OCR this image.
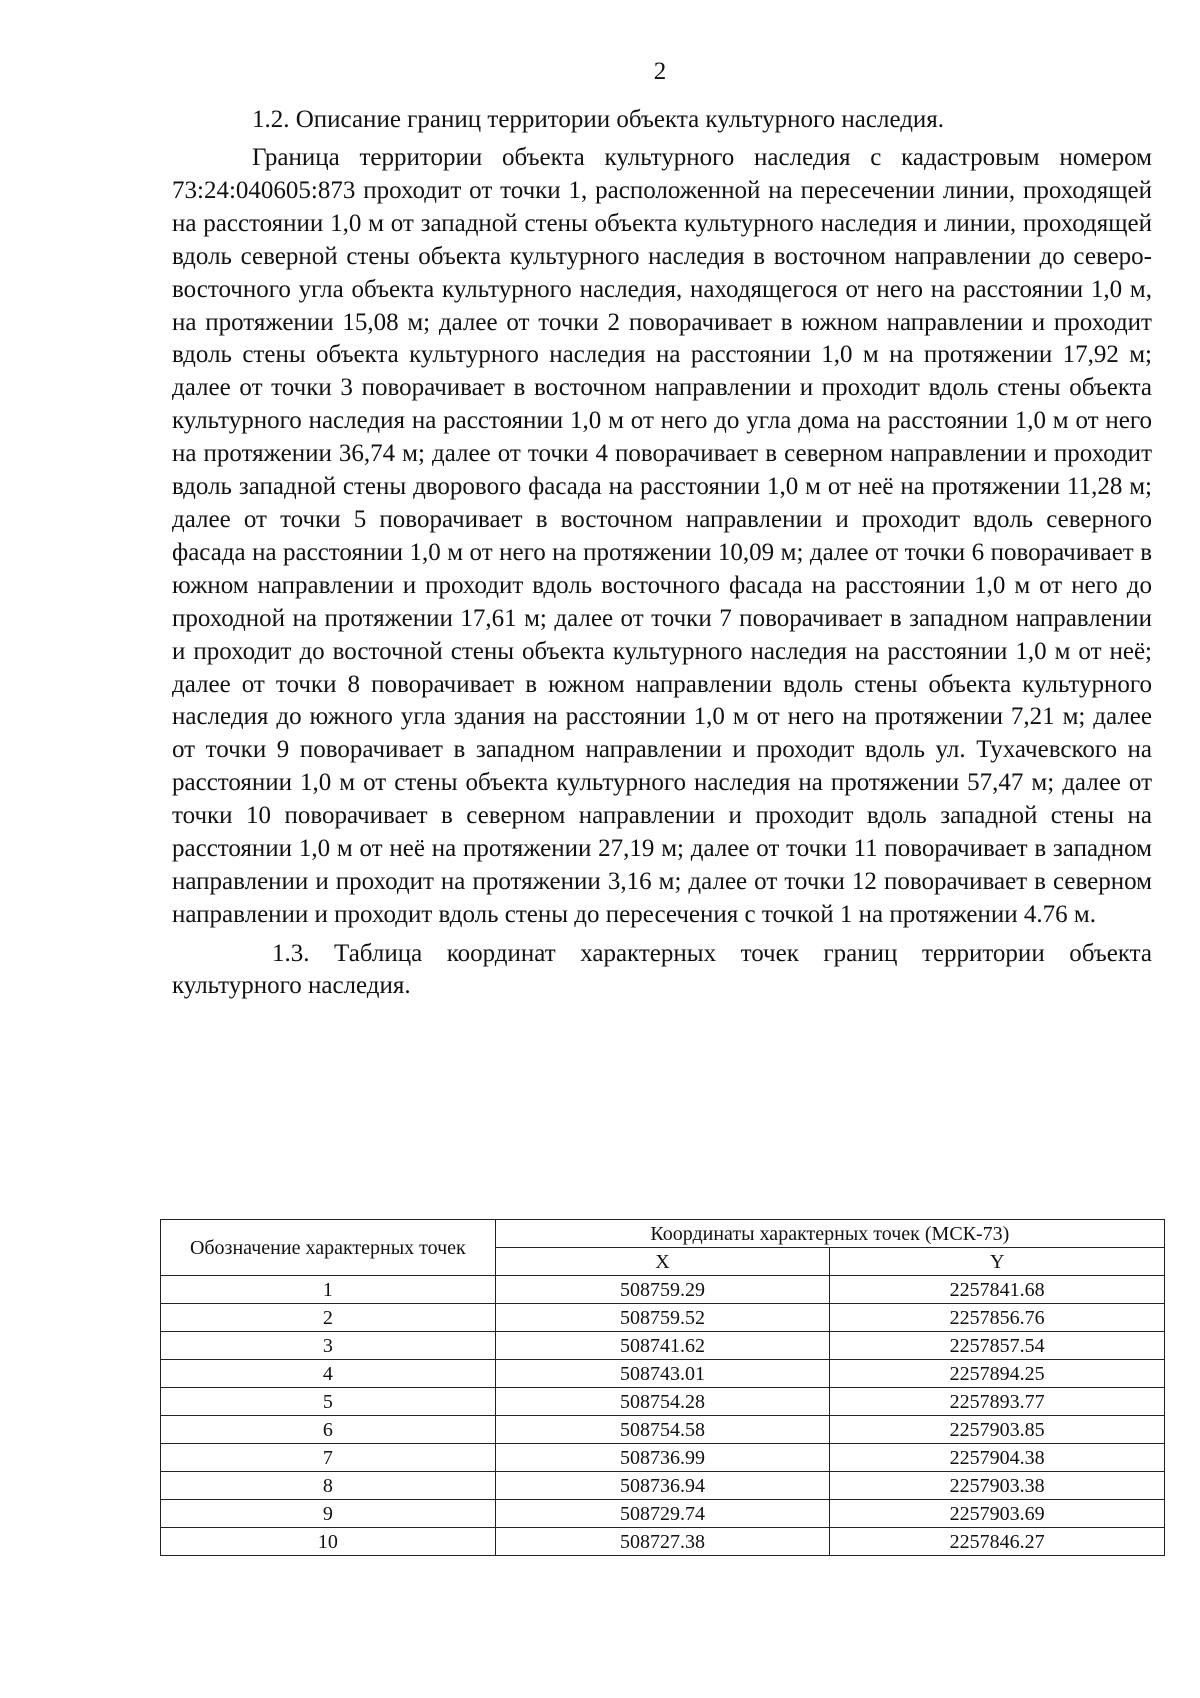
2

1.2. Описание границ территории объекта культурного наследия.

Граница территории объекта культурного наследия с кадастровым номером 73:24:040605:873 проходит от точки 1, расположенной на пересечении линии, проходящей на расстоянии 1,0 м от западной стены объекта культурного наследия и линии, проходящей вдоль северной стены объекта культурного наследия в восточном направлении до северо-восточного угла объекта культурного наследия, находящегося от него на расстоянии 1,0 м, на протяжении 15,08 м; далее от точки 2 поворачивает в южном направлении и проходит вдоль стены объекта культурного наследия на расстоянии 1,0 м на протяжении 17,92 м; далее от точки 3 поворачивает в восточном направлении и проходит вдоль стены объекта культурного наследия на расстоянии 1,0 м от него до угла дома на расстоянии 1,0 м от него на протяжении 36,74 м; далее от точки 4 поворачивает в северном направлении и проходит вдоль западной стены дворового фасада на расстоянии 1,0 м от неё на протяжении 11,28 м; далее от точки 5 поворачивает в восточном направлении и проходит вдоль северного фасада на расстоянии 1,0 м от него на протяжении 10,09 м; далее от точки 6 поворачивает в южном направлении и проходит вдоль восточного фасада на расстоянии 1,0 м от него до проходной на протяжении 17,61 м; далее от точки 7 поворачивает в западном направлении и проходит до восточной стены объекта культурного наследия на расстоянии 1,0 м от неё; далее от точки 8 поворачивает в южном направлении вдоль стены объекта культурного наследия до южного угла здания на расстоянии 1,0 м от него на протяжении 7,21 м; далее от точки 9 поворачивает в западном направлении и проходит вдоль ул. Тухачевского на расстоянии 1,0 м от стены объекта культурного наследия на протяжении 57,47 м; далее от точки 10 поворачивает в северном направлении и проходит вдоль западной стены на расстоянии 1,0 м от неё на протяжении 27,19 м; далее от точки 11 поворачивает в западном направлении и проходит на протяжении 3,16 м; далее от точки 12 поворачивает в северном направлении и проходит вдоль стены до пересечения с точкой 1 на протяжении 4.76 м.

1.3. Таблица координат характерных точек границ территории объекта культурного наследия.

Обозначение характерных точек	Координаты характерных точек (МСК-73)	
	X	Y
1	508759.29	2257841.68
2	508759.52	2257856.76
3	508741.62	2257857.54
4	508743.01	2257894.25
5	508754.28	2257893.77
6	508754.58	2257903.85
7	508736.99	2257904.38
8	508736.94	2257903.38
9	508729.74	2257903.69
10	508727.38	2257846.27
